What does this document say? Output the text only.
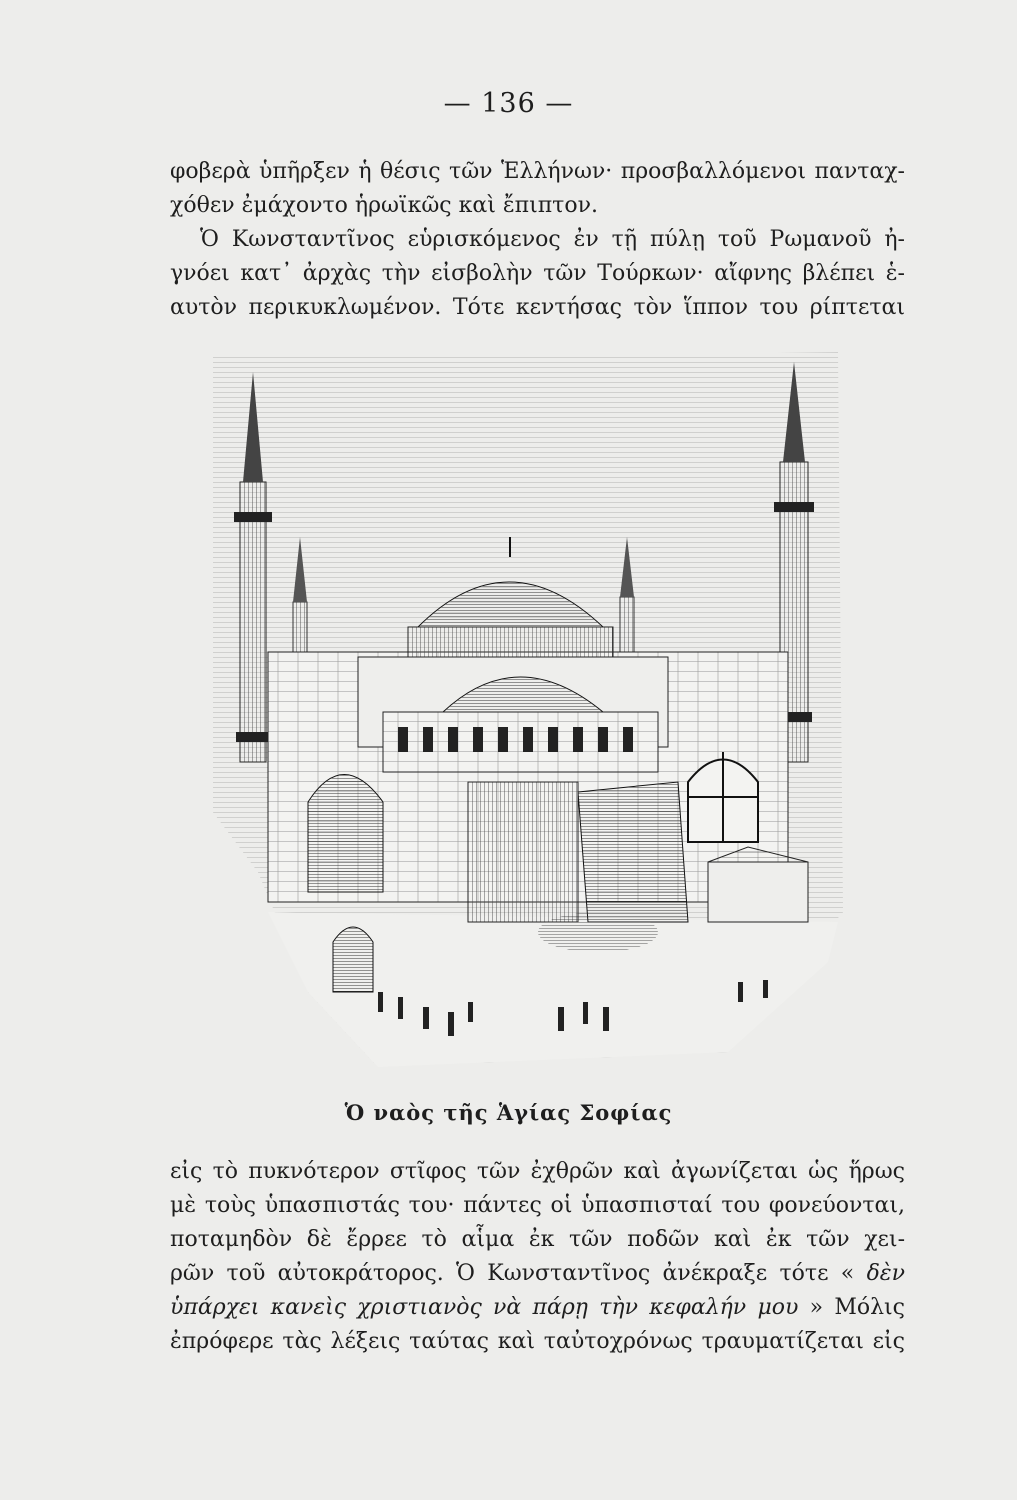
— 136 —
φοβερὰ ὑπῆρξεν ἡ θέσις τῶν Ἑλλήνων· προσβαλλόμενοι πανταχ-
χόθεν ἐμάχοντο ἡρωϊκῶς καὶ ἔπιπτον.
Ὁ Κωνσταντῖνος εὑρισκόμενος ἐν τῇ πύλῃ τοῦ Ρωμανοῦ ἠ-
γνόει κατ᾽ ἀρχὰς τὴν εἰσβολὴν τῶν Τούρκων· αἴφνης βλέπει ἑ-
αυτὸν περικυκλωμένον. Τότε κεντήσας τὸν ἵππον του ρίπτεται
Ὁ ναὸς τῆς Ἁγίας Σοφίας
εἰς τὸ πυκνότερον στῖφος τῶν ἐχθρῶν καὶ ἀγωνίζεται ὡς ἥρως
μὲ τοὺς ὑπασπιστάς του· πάντες οἱ ὑπασπισταί του φονεύονται,
ποταμηδὸν δὲ ἔρρεε τὸ αἷμα ἐκ τῶν ποδῶν καὶ ἐκ τῶν χει-
ρῶν τοῦ αὐτοκράτορος. Ὁ Κωνσταντῖνος ἀνέκραξε τότε « δὲν
ὑπάρχει κανεὶς χριστιανὸς νὰ πάρῃ τὴν κεφαλήν μου » Μόλις
ἐπρόφερε τὰς λέξεις ταύτας καὶ ταὐτοχρόνως τραυματίζεται εἰς
